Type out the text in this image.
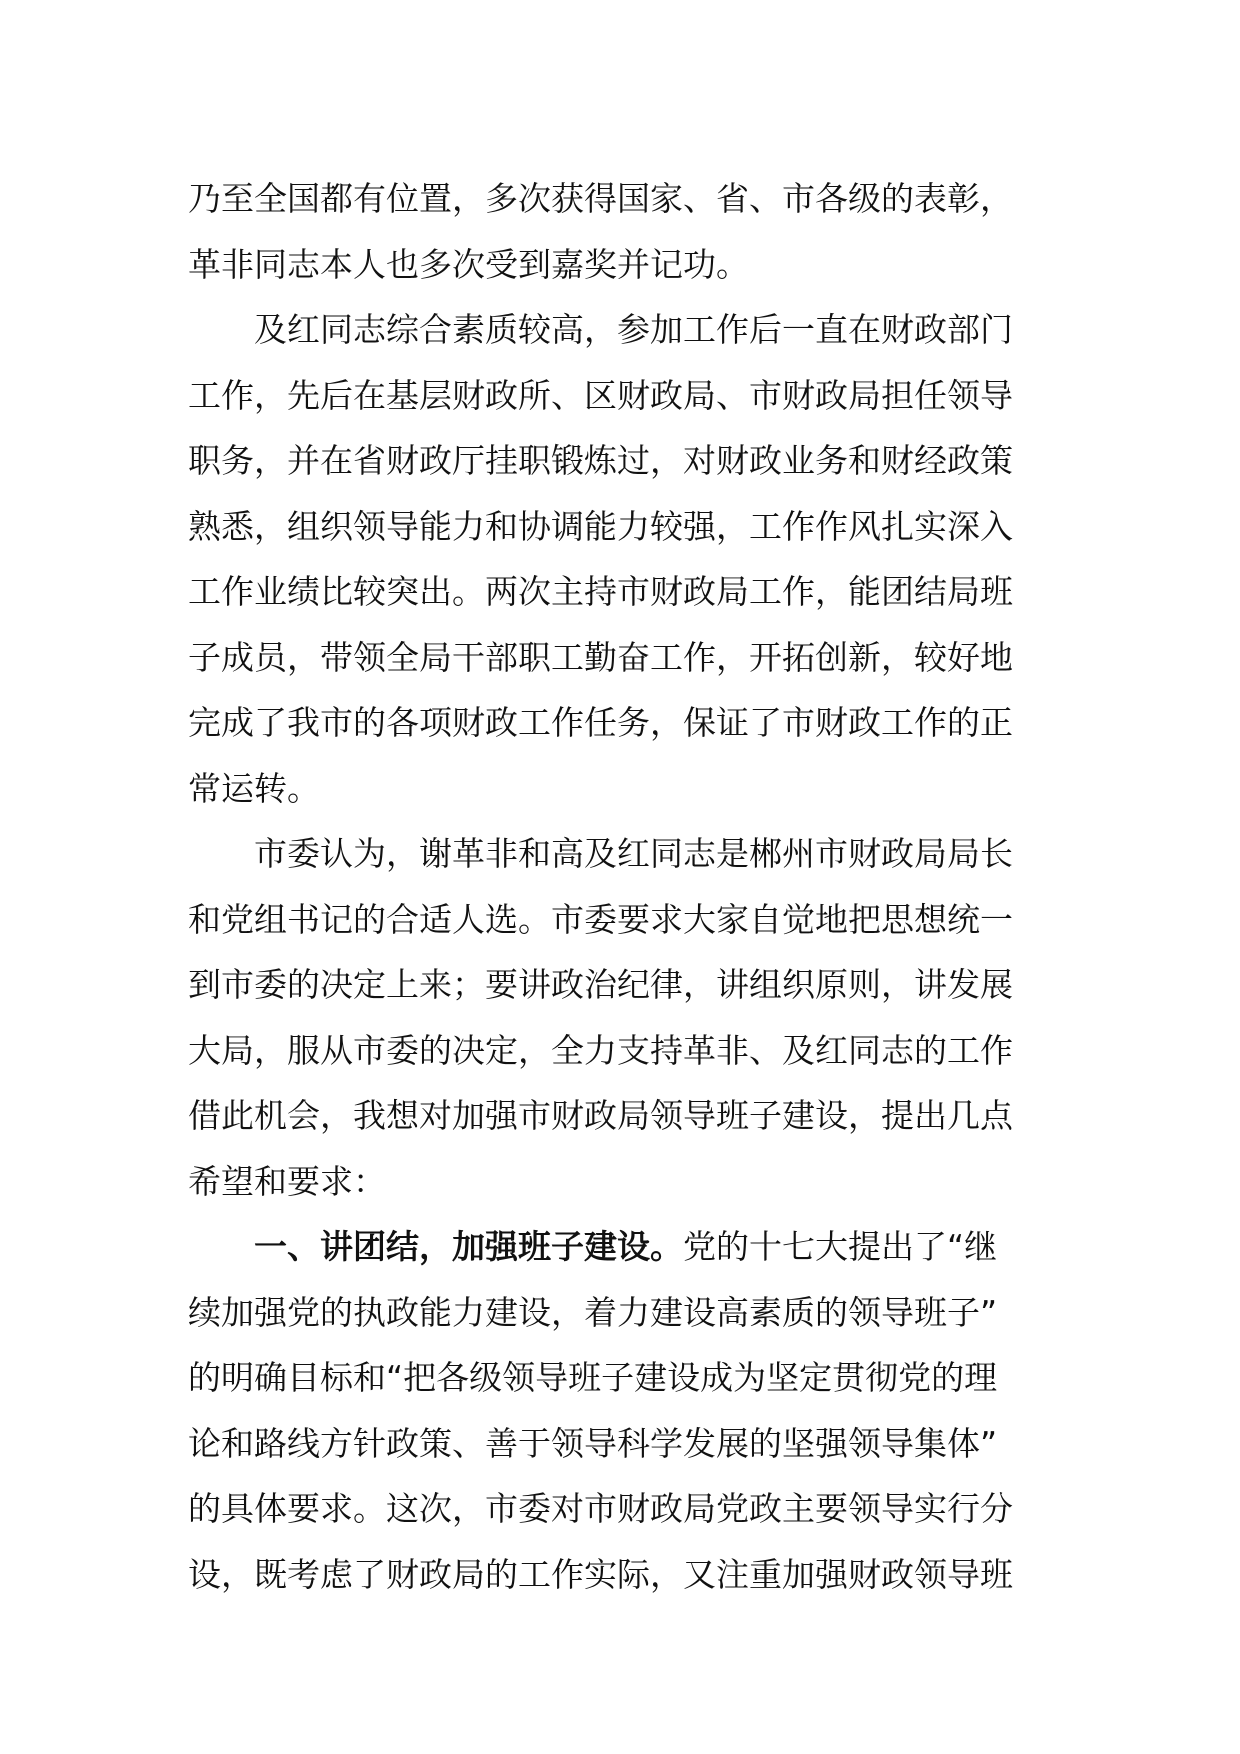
乃至全国都有位置，多次获得国家、省、市各级的表彰，
革非同志本人也多次受到嘉奖并记功。

及红同志综合素质较高，参加工作后一直在财政部门
工作，先后在基层财政所、区财政局、市财政局担任领导
职务，并在省财政厅挂职锻炼过，对财政业务和财经政策
熟悉，组织领导能力和协调能力较强，工作作风扎实深入
工作业绩比较突出。两次主持市财政局工作，能团结局班
子成员，带领全局干部职工勤奋工作，开拓创新，较好地
完成了我市的各项财政工作任务，保证了市财政工作的正
常运转。

市委认为，谢革非和高及红同志是郴州市财政局局长
和党组书记的合适人选。市委要求大家自觉地把思想统一
到市委的决定上来；要讲政治纪律，讲组织原则，讲发展
大局，服从市委的决定，全力支持革非、及红同志的工作
借此机会，我想对加强市财政局领导班子建设，提出几点
希望和要求：

一、讲团结，加强班子建设。党的十七大提出了“继
续加强党的执政能力建设，着力建设高素质的领导班子”
的明确目标和“把各级领导班子建设成为坚定贯彻党的理
论和路线方针政策、善于领导科学发展的坚强领导集体”
的具体要求。这次，市委对市财政局党政主要领导实行分
设，既考虑了财政局的工作实际，又注重加强财政领导班
